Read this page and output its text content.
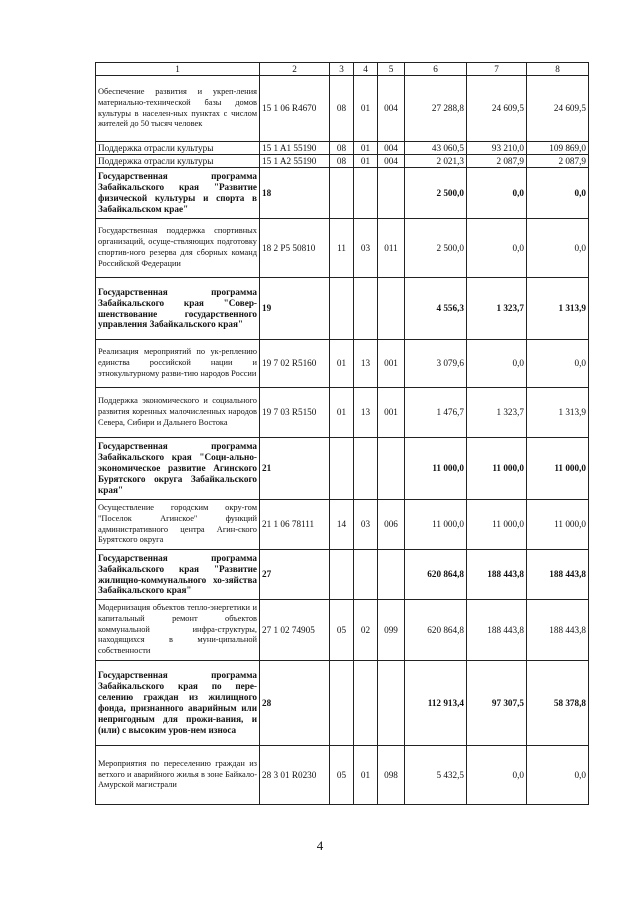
1	2	3	4	5	6	7	8
Обеспечение развития и укреп-ления материально-технической базы домов культуры в населен-ных пунктах с числом жителей до 50 тысяч человек	15 1 06 R4670	08	01	004	27 288,8	24 609,5	24 609,5
Поддержка отрасли культуры	15 1 A1 55190	08	01	004	43 060,5	93 210,0	109 869,0
Поддержка отрасли культуры	15 1 A2 55190	08	01	004	2 021,3	2 087,9	2 087,9
Государственная программа Забайкальского края "Развитие физической культуры и спорта в Забайкальском крае"	18				2 500,0	0,0	0,0
Государственная поддержка спортивных организаций, осуще-ствляющих подготовку спортив-ного резерва для сборных команд Российской Федерации	18 2 P5 50810	11	03	011	2 500,0	0,0	0,0
Государственная программа Забайкальского края "Совер-шенствование государственного управления Забайкальского края"	19				4 556,3	1 323,7	1 313,9
Реализация мероприятий по ук-реплению единства российской нации и этнокультурному разви-тию народов России	19 7 02 R5160	01	13	001	3 079,6	0,0	0,0
Поддержка экономического и социального развития коренных малочисленных народов Севера, Сибири и Дальнего Востока	19 7 03 R5150	01	13	001	1 476,7	1 323,7	1 313,9
Государственная программа Забайкальского края "Соци-ально-экономическое развитие Агинского Бурятского округа Забайкальского края"	21				11 000,0	11 000,0	11 000,0
Осуществление городским окру-гом "Поселок Агинское" функций административного центра Агин-ского Бурятского округа	21 1 06 78111	14	03	006	11 000,0	11 000,0	11 000,0
Государственная программа Забайкальского края "Развитие жилищно-коммунального хо-зяйства Забайкальского края"	27				620 864,8	188 443,8	188 443,8
Модернизация объектов тепло-энергетики и капитальный ремонт объектов коммунальной инфра-структуры, находящихся в муни-ципальной собственности	27 1 02 74905	05	02	099	620 864,8	188 443,8	188 443,8
Государственная программа Забайкальского края по пере-селению граждан из жилищного фонда, признанного аварийным или непригодным для прожи-вания, и (или) с высоким уров-нем износа	28				112 913,4	97 307,5	58 378,8
Мероприятия по переселению граждан из ветхого и аварийного жилья в зоне Байкало-Амурской магистрали	28 3 01 R0230	05	01	098	5 432,5	0,0	0,0
4
